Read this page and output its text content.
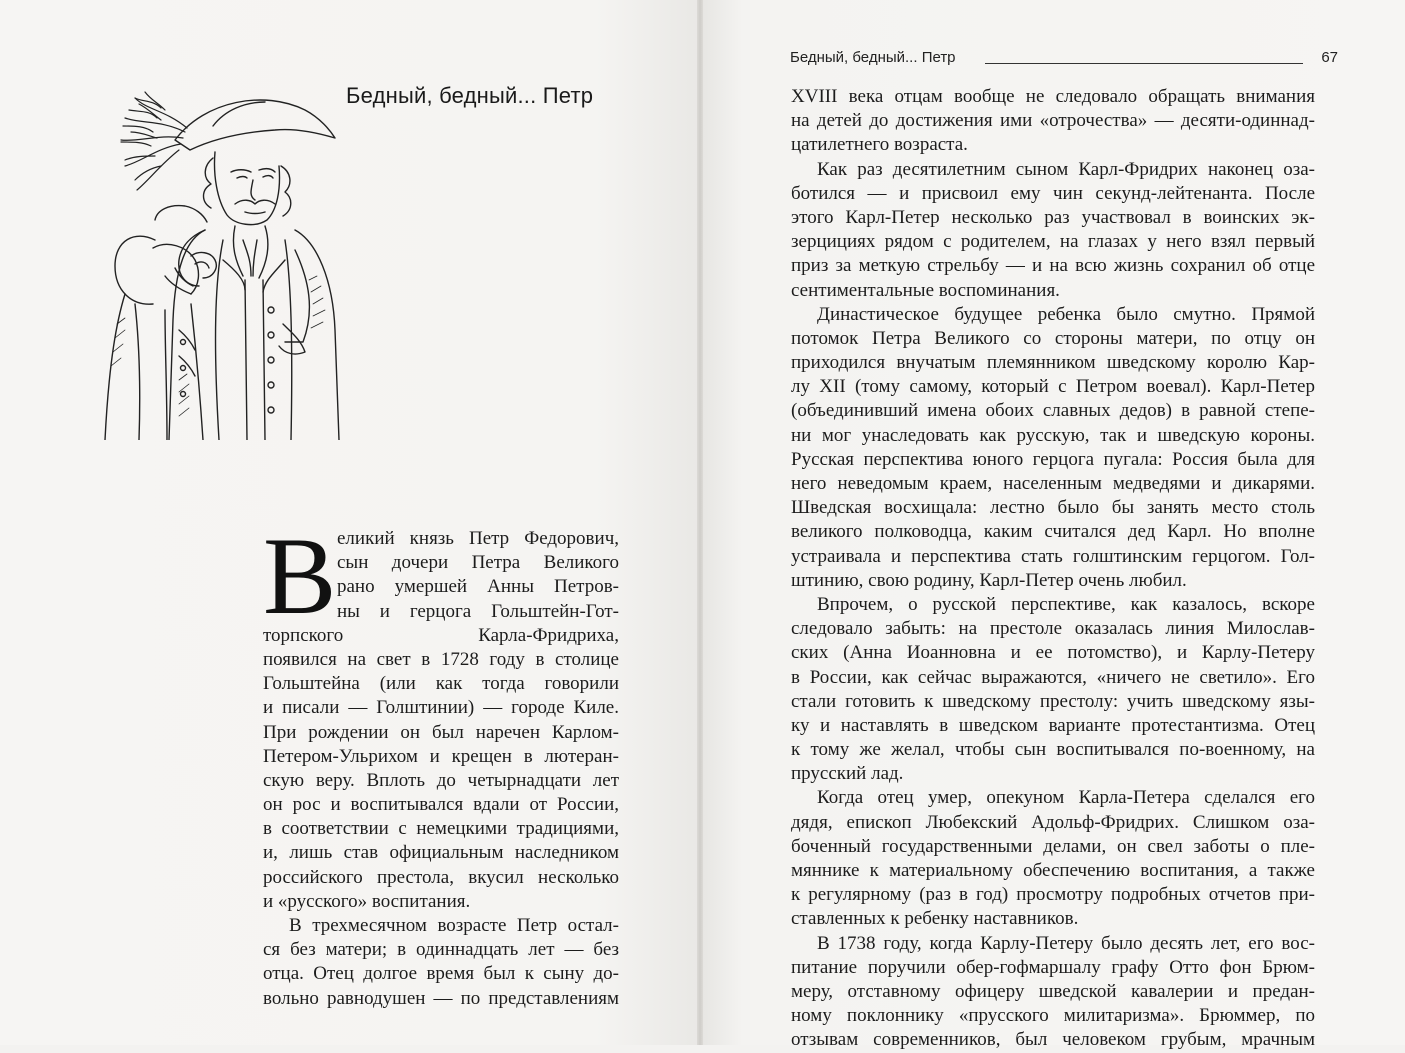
Бедный, бедный... Петр	67
Бедный, бедный... Петр
В еликий князь Петр Федорович,
сын дочери Петра Великого
рано умершей Анны Петров-
ны и герцога Гольштейн-Гот-
торпского Карла-Фридриха,
появился на свет в 1728 году в столице
Гольштейна (или как тогда говорили
и писали — Голштинии) — городе Киле.
При рождении он был наречен Карлом-
Петером-Ульрихом и крещен в лютеран-
скую веру. Вплоть до четырнадцати лет
он рос и воспитывался вдали от России,
в соответствии с немецкими традициями,
и, лишь став официальным наследником
российского престола, вкусил несколько
и «русского» воспитания.
В трехмесячном возрасте Петр остал-
ся без матери; в одиннадцать лет — без
отца. Отец долгое время был к сыну до-
вольно равнодушен — по представлениям
XVIII века отцам вообще не следовало обращать внимания
на детей до достижения ими «отрочества» — десяти-одиннад-
цатилетнего возраста.
Как раз десятилетним сыном Карл-Фридрих наконец оза-
ботился — и присвоил ему чин секунд-лейтенанта. После
этого Карл-Петер несколько раз участвовал в воинских эк-
зерцициях рядом с родителем, на глазах у него взял первый
приз за меткую стрельбу — и на всю жизнь сохранил об отце
сентиментальные воспоминания.
Династическое будущее ребенка было смутно. Прямой
потомок Петра Великого со стороны матери, по отцу он
приходился внучатым племянником шведскому королю Кар-
лу XII (тому самому, который с Петром воевал). Карл-Петер
(объединивший имена обоих славных дедов) в равной степе-
ни мог унаследовать как русскую, так и шведскую короны.
Русская перспектива юного герцога пугала: Россия была для
него неведомым краем, населенным медведями и дикарями.
Шведская восхищала: лестно было бы занять место столь
великого полководца, каким считался дед Карл. Но вполне
устраивала и перспектива стать голштинским герцогом. Гол-
штинию, свою родину, Карл-Петер очень любил.
Впрочем, о русской перспективе, как казалось, вскоре
следовало забыть: на престоле оказалась линия Милослав-
ских (Анна Иоанновна и ее потомство), и Карлу-Петеру
в России, как сейчас выражаются, «ничего не светило». Его
стали готовить к шведскому престолу: учить шведскому язы-
ку и наставлять в шведском варианте протестантизма. Отец
к тому же желал, чтобы сын воспитывался по-военному, на
прусский лад.
Когда отец умер, опекуном Карла-Петера сделался его
дядя, епископ Любекский Адольф-Фридрих. Слишком оза-
боченный государственными делами, он свел заботы о пле-
мяннике к материальному обеспечению воспитания, а также
к регулярному (раз в год) просмотру подробных отчетов при-
ставленных к ребенку наставников.
В 1738 году, когда Карлу-Петеру было десять лет, его вос-
питание поручили обер-гофмаршалу графу Отто фон Брюм-
меру, отставному офицеру шведской кавалерии и предан-
ному поклоннику «прусского милитаризма». Брюммер, по
отзывам современников, был человеком грубым, мрачным
